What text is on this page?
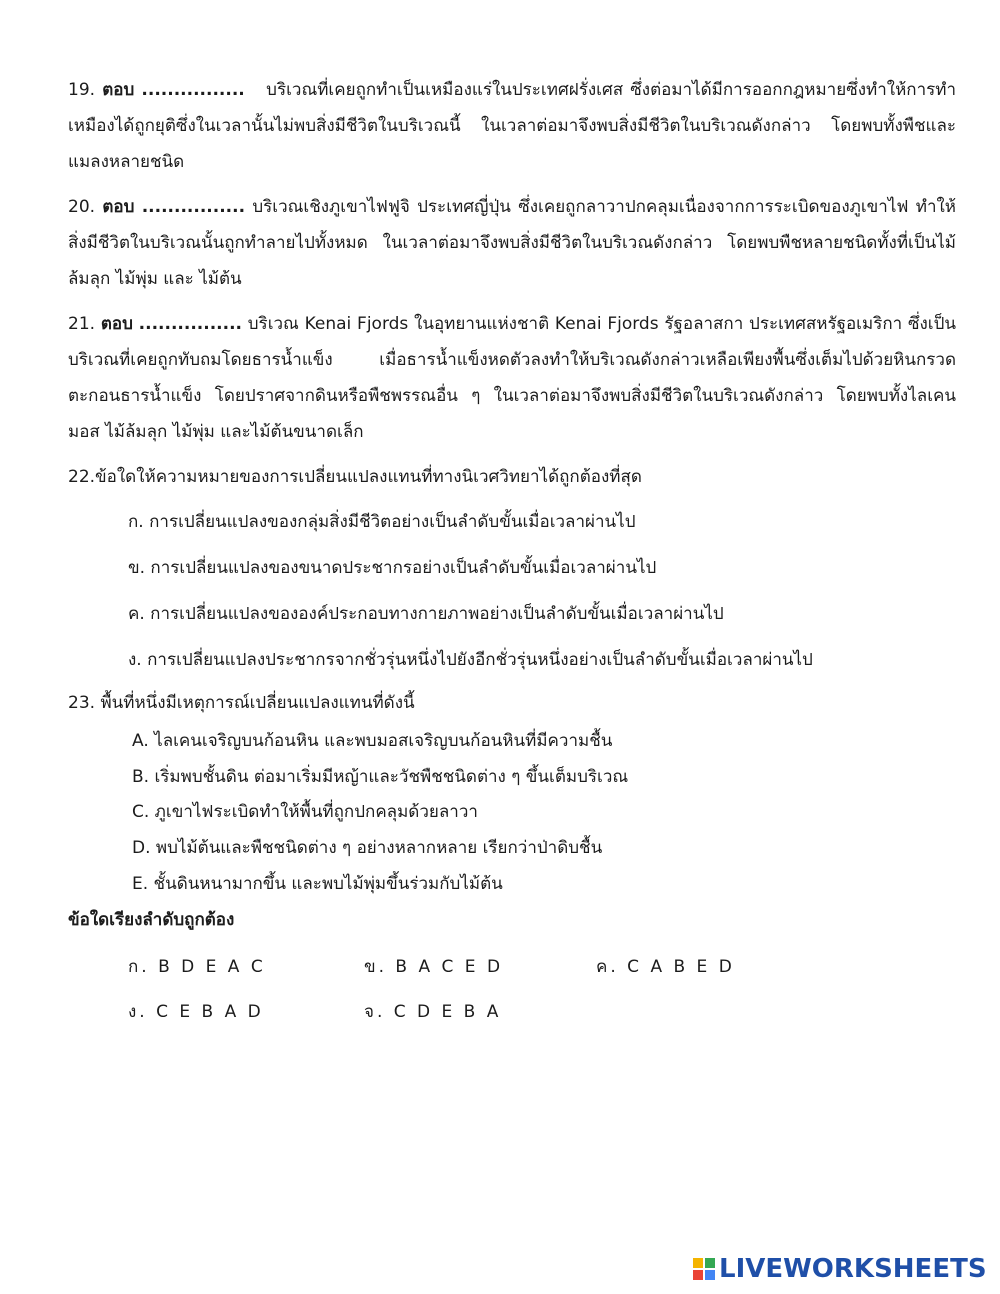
19. ตอบ ................ บริเวณที่เคยถูกทำเป็นเหมืองแร่ในประเทศฝรั่งเศส ซึ่งต่อมาได้มีการออกกฎหมายซึ่งทำให้การทำเหมืองได้ถูกยุติซึ่งในเวลานั้นไม่พบสิ่งมีชีวิตในบริเวณนี้ ในเวลาต่อมาจึงพบสิ่งมีชีวิตในบริเวณดังกล่าว โดยพบทั้งพืชและแมลงหลายชนิด
20. ตอบ ................ บริเวณเชิงภูเขาไฟฟูจิ ประเทศญี่ปุ่น ซึ่งเคยถูกลาวาปกคลุมเนื่องจากการระเบิดของภูเขาไฟ ทำให้สิ่งมีชีวิตในบริเวณนั้นถูกทำลายไปทั้งหมด ในเวลาต่อมาจึงพบสิ่งมีชีวิตในบริเวณดังกล่าว โดยพบพืชหลายชนิดทั้งที่เป็นไม้ล้มลุก ไม้พุ่ม และ ไม้ต้น
21. ตอบ ................ บริเวณ Kenai Fjords ในอุทยานแห่งชาติ Kenai Fjords รัฐอลาสกา ประเทศสหรัฐอเมริกา ซึ่งเป็นบริเวณที่เคยถูกทับถมโดยธารน้ำแข็ง เมื่อธารน้ำแข็งหดตัวลงทำให้บริเวณดังกล่าวเหลือเพียงพื้นซึ่งเต็มไปด้วยหินกรวด ตะกอนธารน้ำแข็ง โดยปราศจากดินหรือพืชพรรณอื่น ๆ ในเวลาต่อมาจึงพบสิ่งมีชีวิตในบริเวณดังกล่าว โดยพบทั้งไลเคน มอส ไม้ล้มลุก ไม้พุ่ม และไม้ต้นขนาดเล็ก
22.ข้อใดให้ความหมายของการเปลี่ยนแปลงแทนที่ทางนิเวศวิทยาได้ถูกต้องที่สุด
ก. การเปลี่ยนแปลงของกลุ่มสิ่งมีชีวิตอย่างเป็นลำดับขั้นเมื่อเวลาผ่านไป
ข. การเปลี่ยนแปลงของขนาดประชากรอย่างเป็นลำดับขั้นเมื่อเวลาผ่านไป
ค. การเปลี่ยนแปลงขององค์ประกอบทางกายภาพอย่างเป็นลำดับขั้นเมื่อเวลาผ่านไป
ง. การเปลี่ยนแปลงประชากรจากชั่วรุ่นหนึ่งไปยังอีกชั่วรุ่นหนึ่งอย่างเป็นลำดับขั้นเมื่อเวลาผ่านไป
23. พื้นที่หนึ่งมีเหตุการณ์เปลี่ยนแปลงแทนที่ดังนี้
A. ไลเคนเจริญบนก้อนหิน และพบมอสเจริญบนก้อนหินที่มีความชื้น
B. เริ่มพบชั้นดิน ต่อมาเริ่มมีหญ้าและวัชพืชชนิดต่าง ๆ ขึ้นเต็มบริเวณ
C. ภูเขาไฟระเบิดทำให้พื้นที่ถูกปกคลุมด้วยลาวา
D. พบไม้ต้นและพืชชนิดต่าง ๆ อย่างหลากหลาย เรียกว่าป่าดิบชื้น
E. ชั้นดินหนามากขึ้น และพบไม้พุ่มขึ้นร่วมกับไม้ต้น
ข้อใดเรียงลำดับถูกต้อง
ก. B D E A C	ข. B A C E D	ค. C A B E D
ง. C E B A D	จ. C D E B A
LIVEWORKSHEETS
